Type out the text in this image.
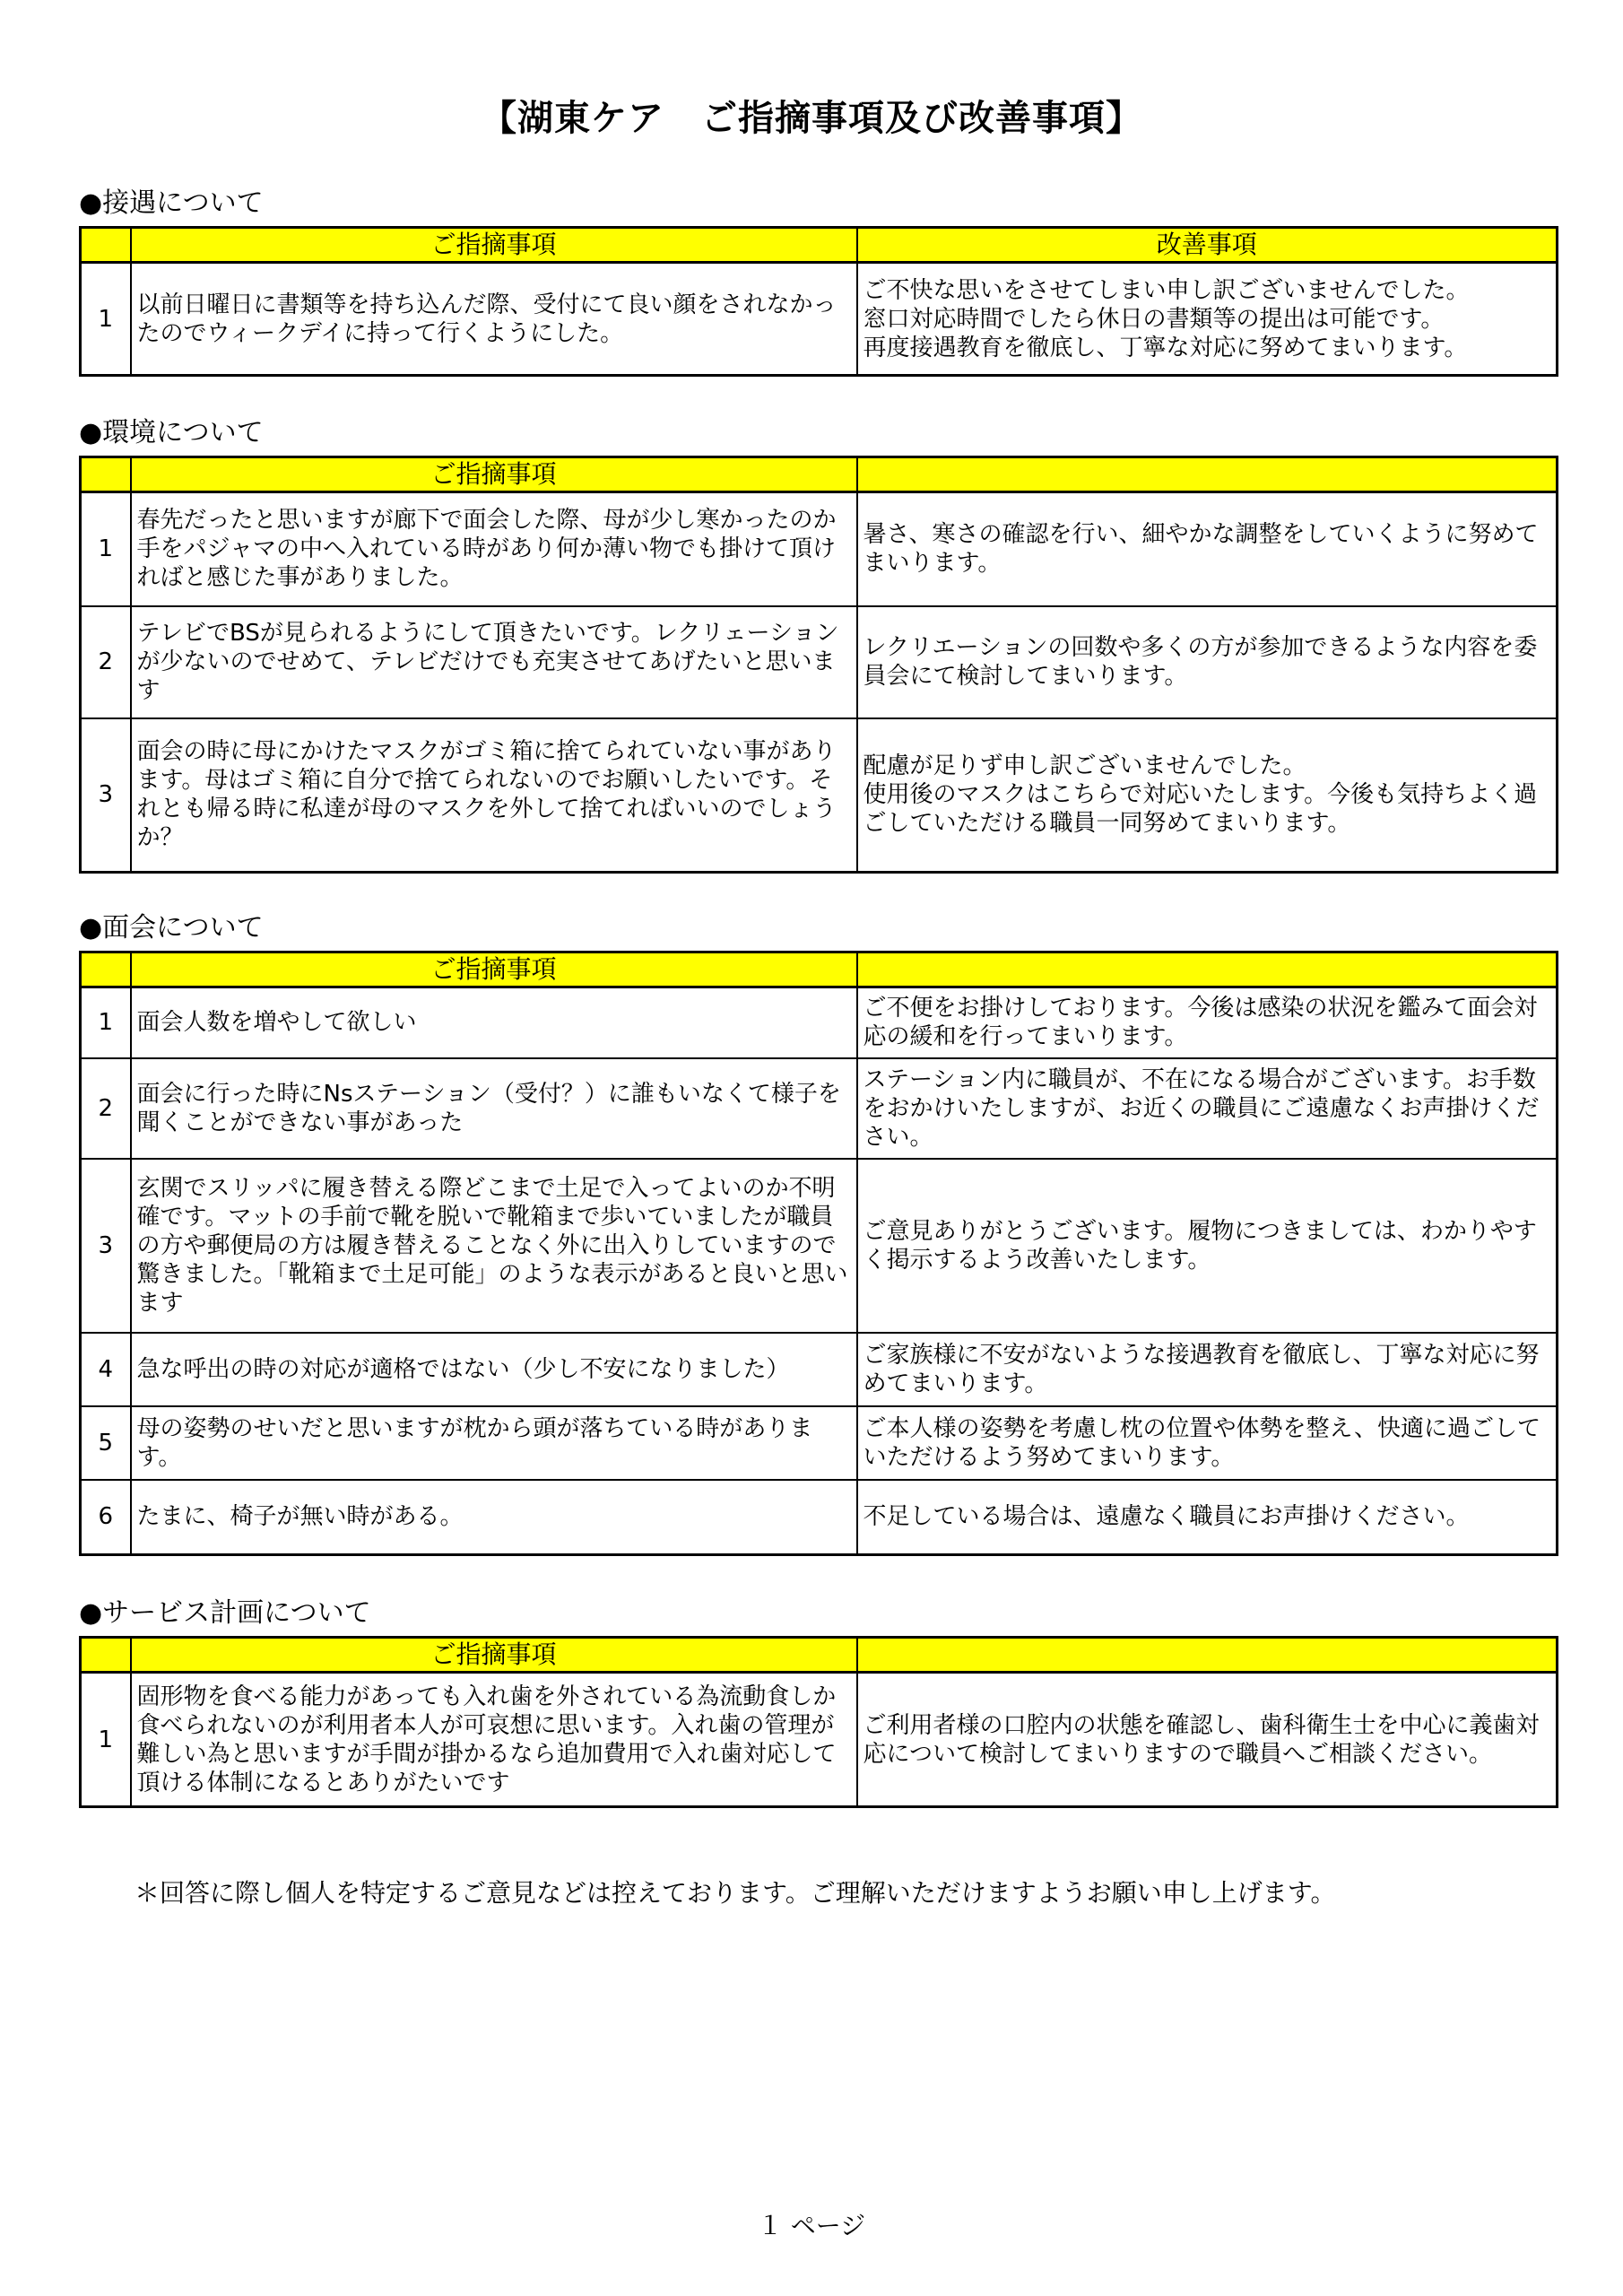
【湖東ケア　ご指摘事項及び改善事項】
●接遇について
	ご指摘事項	改善事項
1	以前日曜日に書類等を持ち込んだ際、受付にて良い顔をされなかったのでウィークデイに持って行くようにした。	ご不快な思いをさせてしまい申し訳ございませんでした。
窓口対応時間でしたら休日の書類等の提出は可能です。
再度接遇教育を徹底し、丁寧な対応に努めてまいります。
●環境について
	ご指摘事項	
1	春先だったと思いますが廊下で面会した際、母が少し寒かったのか手をパジャマの中へ入れている時があり何か薄い物でも掛けて頂ければと感じた事がありました。	暑さ、寒さの確認を行い、細やかな調整をしていくように努めてまいります。
2	テレビでBSが見られるようにして頂きたいです。レクリェーションが少ないのでせめて、テレビだけでも充実させてあげたいと思います	レクリエーションの回数や多くの方が参加できるような内容を委員会にて検討してまいります。
3	面会の時に母にかけたマスクがゴミ箱に捨てられていない事があります。母はゴミ箱に自分で捨てられないのでお願いしたいです。それとも帰る時に私達が母のマスクを外して捨てればいいのでしょうか？	配慮が足りず申し訳ございませんでした。
使用後のマスクはこちらで対応いたします。今後も気持ちよく過ごしていただける職員一同努めてまいります。
●面会について
	ご指摘事項	
1	面会人数を増やして欲しい	ご不便をお掛けしております。今後は感染の状況を鑑みて面会対応の緩和を行ってまいります。
2	面会に行った時にNsステーション（受付？）に誰もいなくて様子を聞くことができない事があった	ステーション内に職員が、不在になる場合がございます。お手数をおかけいたしますが、お近くの職員にご遠慮なくお声掛けください。
3	玄関でスリッパに履き替える際どこまで土足で入ってよいのか不明確です。マットの手前で靴を脱いで靴箱まで歩いていましたが職員の方や郵便局の方は履き替えることなく外に出入りしていますので驚きました。「靴箱まで土足可能」のような表示があると良いと思います	ご意見ありがとうございます。履物につきましては、わかりやすく掲示するよう改善いたします。
4	急な呼出の時の対応が適格ではない（少し不安になりました）	ご家族様に不安がないような接遇教育を徹底し、丁寧な対応に努めてまいります。
5	母の姿勢のせいだと思いますが枕から頭が落ちている時があります。	ご本人様の姿勢を考慮し枕の位置や体勢を整え、快適に過ごしていただけるよう努めてまいります。
6	たまに、椅子が無い時がある。	不足している場合は、遠慮なく職員にお声掛けください。
●サービス計画について
	ご指摘事項	
1	固形物を食べる能力があっても入れ歯を外されている為流動食しか食べられないのが利用者本人が可哀想に思います。入れ歯の管理が難しい為と思いますが手間が掛かるなら追加費用で入れ歯対応して頂ける体制になるとありがたいです	ご利用者様の口腔内の状態を確認し、歯科衛生士を中心に義歯対応について検討してまいりますので職員へご相談ください。
＊回答に際し個人を特定するご意見などは控えております。ご理解いただけますようお願い申し上げます。
１ ページ
